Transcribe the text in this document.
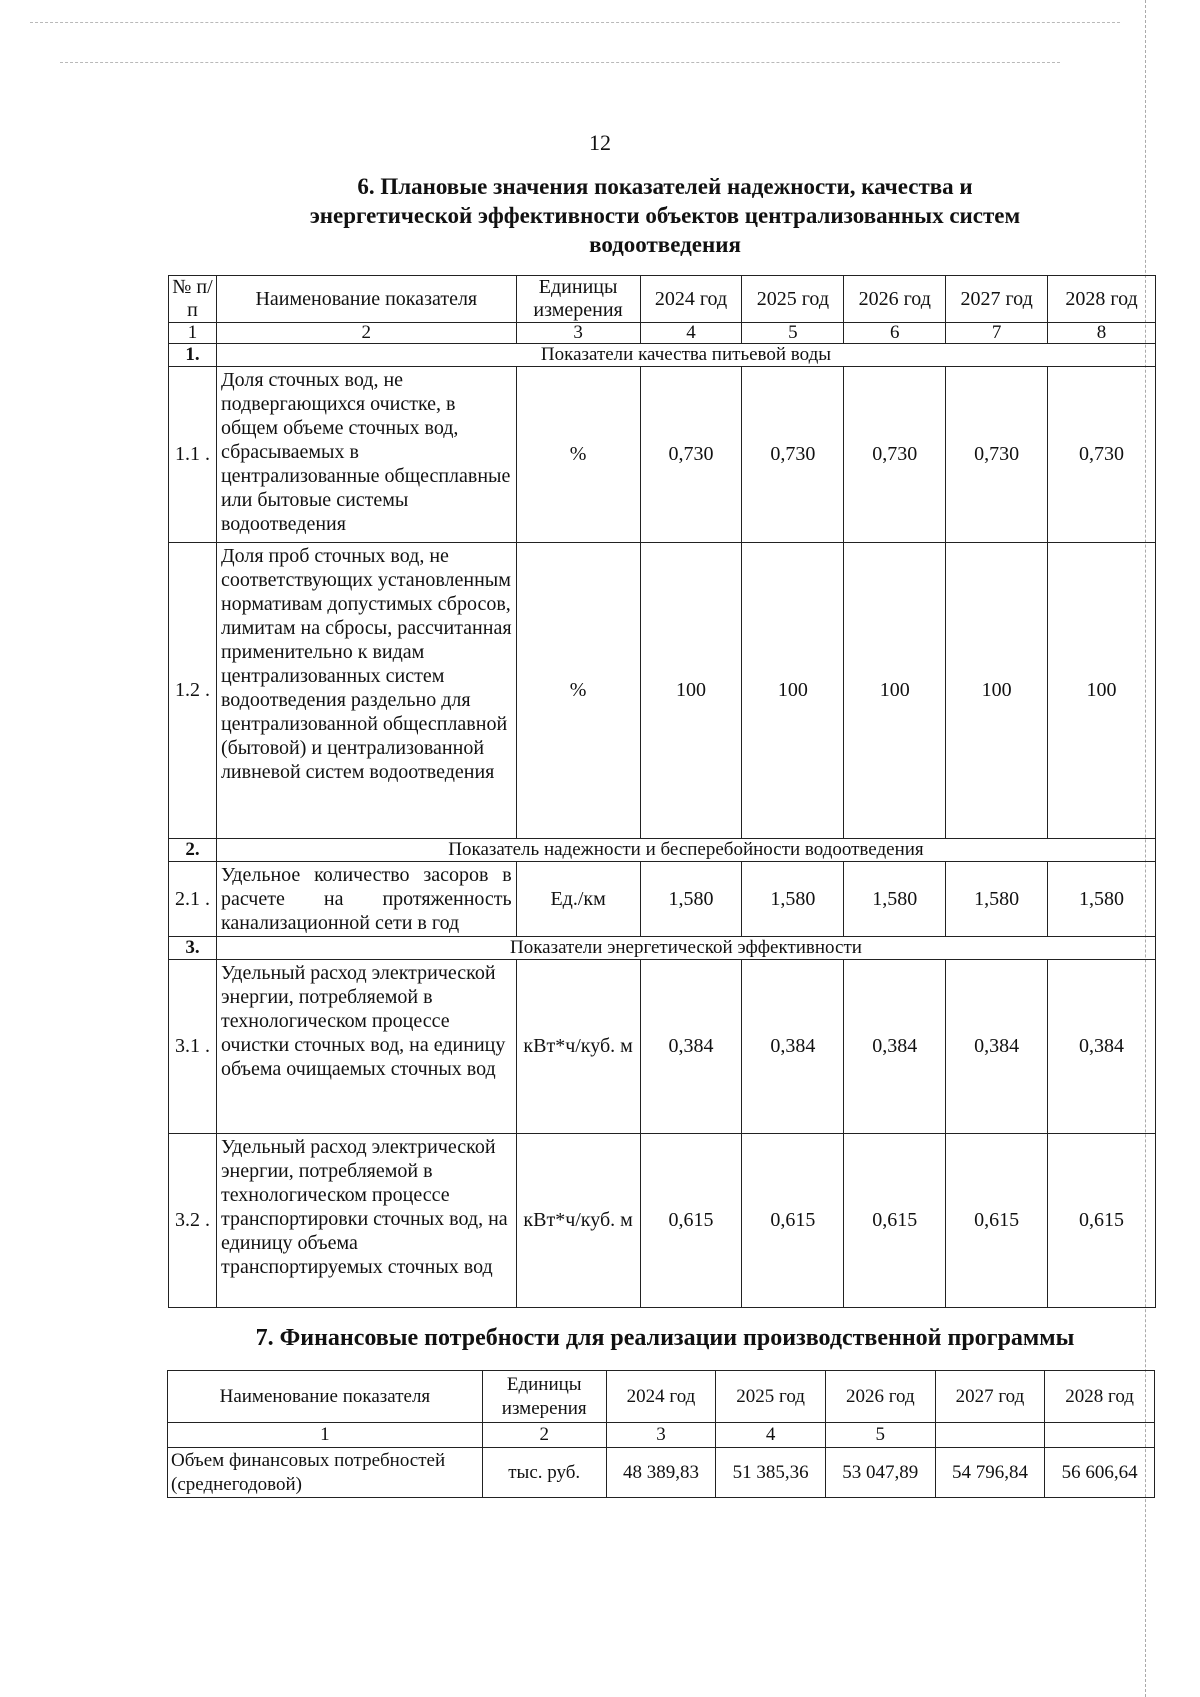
12
6. Плановые значения показателей надежности, качества и
энергетической эффективности объектов централизованных систем
водоотведения
№ п/п	Наименование показателя	Единицы измерения	2024 год	2025 год	2026 год	2027 год	2028 год
1	2	3	4	5	6	7	8
1.	Показатели качества питьевой воды						
1.1 .	Доля сточных вод, не подвергающихся очистке, в общем объеме сточных вод, сбрасываемых в централизованные общесплавные или бытовые системы водоотведения	%	0,730	0,730	0,730	0,730	0,730
1.2 .	Доля проб сточных вод, не соответствующих установленным нормативам допустимых сбросов, лимитам на сбросы, рассчитанная применительно к видам централизованных систем водоотведения раздельно для централизованной общесплавной (бытовой) и централизованной ливневой систем водоотведения	%	100	100	100	100	100
2.	Показатель надежности и бесперебойности водоотведения						
2.1 .	Удельное количество засоров в расчете на протяженность канализационной сети в год	Ед./км	1,580	1,580	1,580	1,580	1,580
3.	Показатели энергетической эффективности						
3.1 .	Удельный расход электрической энергии, потребляемой в технологическом процессе очистки сточных вод, на единицу объема очищаемых сточных вод	кВт*ч/куб. м	0,384	0,384	0,384	0,384	0,384
3.2 .	Удельный расход электрической энергии, потребляемой в технологическом процессе транспортировки сточных вод, на единицу объема транспортируемых сточных вод	кВт*ч/куб. м	0,615	0,615	0,615	0,615	0,615
7. Финансовые потребности для реализации производственной программы
Наименование показателя	Единицы измерения	2024 год	2025 год	2026 год	2027 год	2028 год
1	2	3	4	5		
Объем финансовых потребностей (среднегодовой)	тыс. руб.	48 389,83	51 385,36	53 047,89	54 796,84	56 606,64
